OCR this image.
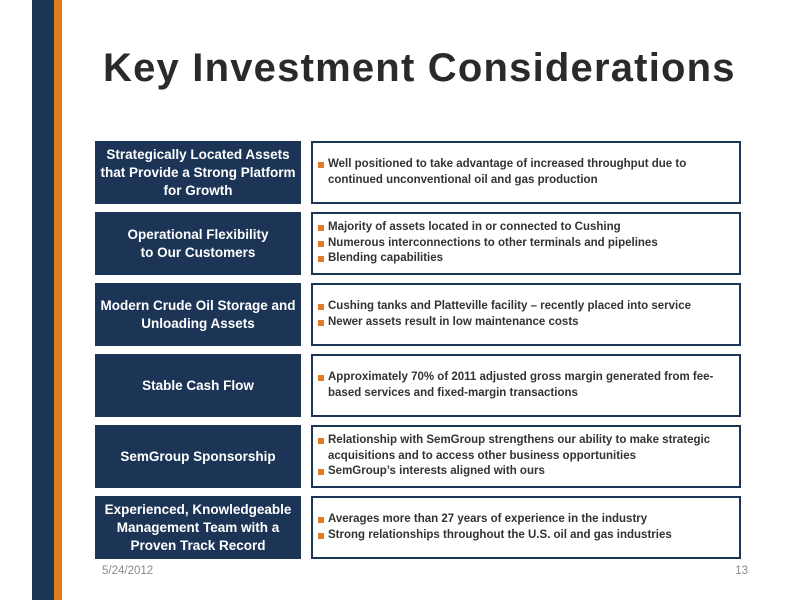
Key Investment Considerations
Strategically Located Assets
that Provide a Strong Platform
for Growth
Well positioned to take advantage of increased throughput due to continued unconventional oil and gas production
Operational Flexibility
to Our Customers
Majority of assets located in or connected to Cushing
Numerous interconnections to other terminals and pipelines
Blending capabilities
Modern Crude Oil Storage and
Unloading Assets
Cushing tanks and Platteville facility – recently placed into service
Newer assets result in low maintenance costs
Stable Cash Flow
Approximately 70% of 2011 adjusted gross margin generated from fee-based services and fixed-margin transactions
SemGroup Sponsorship
Relationship with SemGroup strengthens our ability to make strategic acquisitions and to access other business opportunities
SemGroup’s interests aligned with ours
Experienced, Knowledgeable
Management Team with a
Proven Track Record
Averages more than 27 years of experience in the industry
Strong relationships throughout the U.S. oil and gas industries
5/24/2012	13
